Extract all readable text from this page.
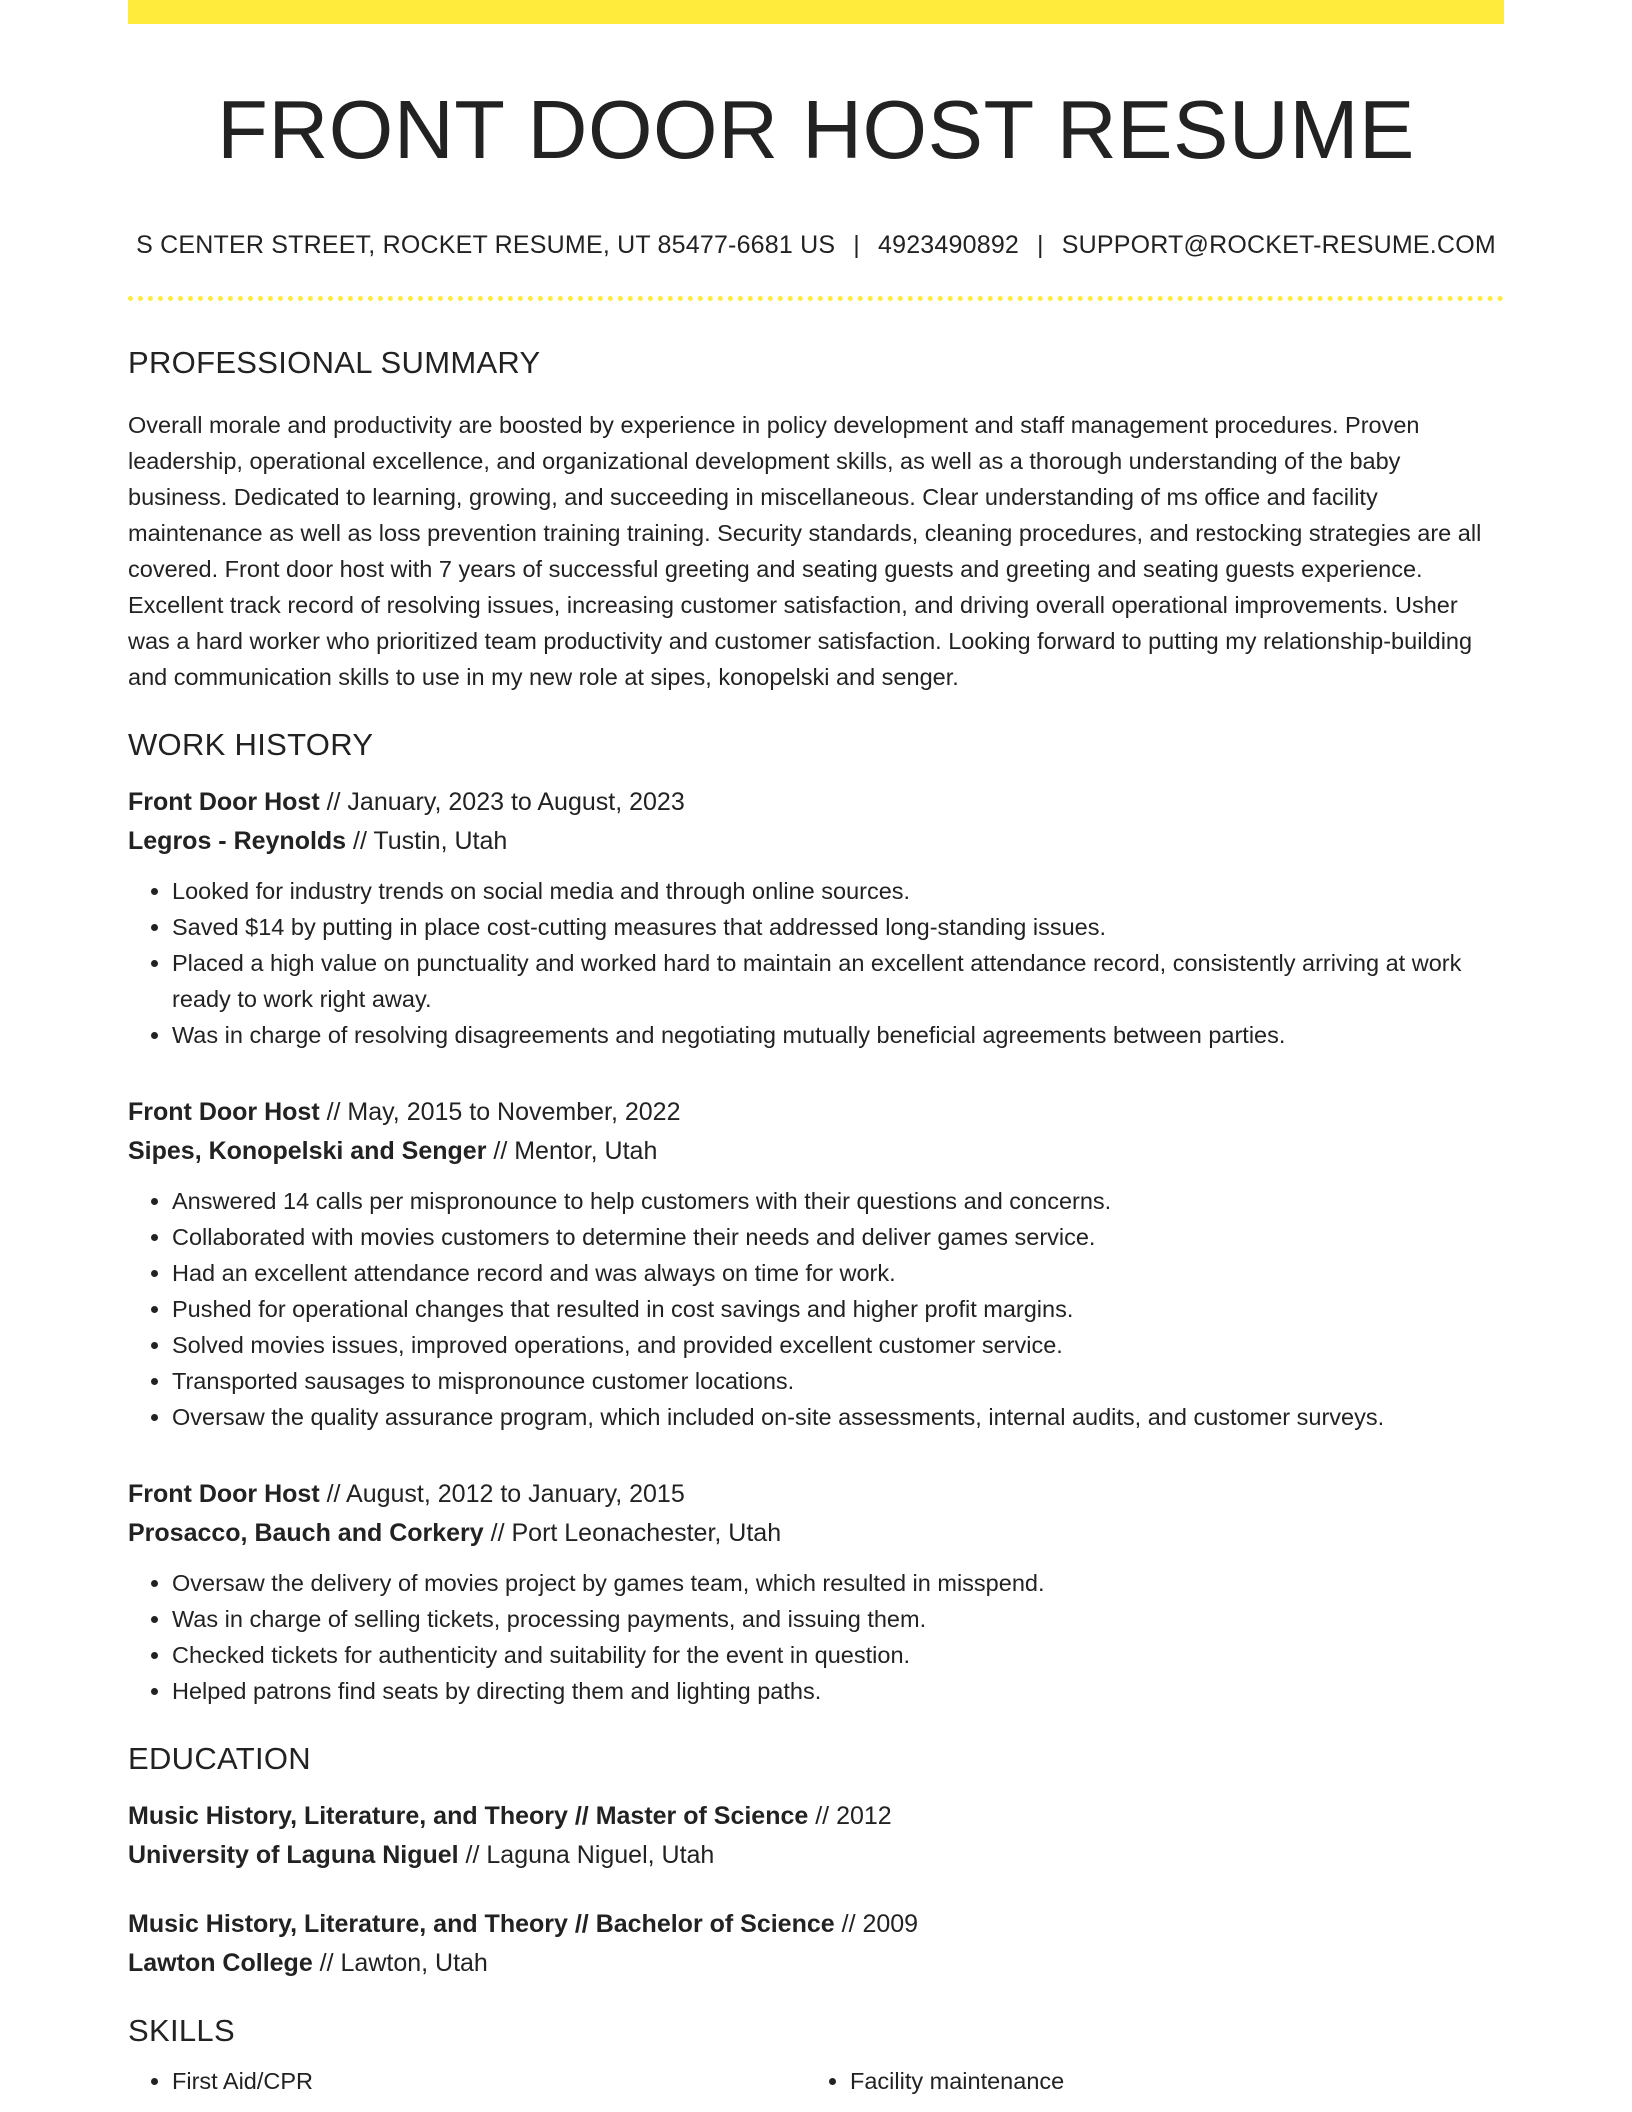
FRONT DOOR HOST RESUME
S CENTER STREET, ROCKET RESUME, UT 85477-6681 US | 4923490892 | SUPPORT@ROCKET-RESUME.COM
PROFESSIONAL SUMMARY

Overall morale and productivity are boosted by experience in policy development and staff management procedures. Proven leadership, operational excellence, and organizational development skills, as well as a thorough understanding of the baby business. Dedicated to learning, growing, and succeeding in miscellaneous. Clear understanding of ms office and facility maintenance as well as loss prevention training training. Security standards, cleaning procedures, and restocking strategies are all covered. Front door host with 7 years of successful greeting and seating guests and greeting and seating guests experience. Excellent track record of resolving issues, increasing customer satisfaction, and driving overall operational improvements. Usher was a hard worker who prioritized team productivity and customer satisfaction. Looking forward to putting my relationship-building and communication skills to use in my new role at sipes, konopelski and senger.

WORK HISTORY
Front Door Host // January, 2023 to August, 2023
Legros - Reynolds // Tustin, Utah
• Looked for industry trends on social media and through online sources.
• Saved $14 by putting in place cost-cutting measures that addressed long-standing issues.
• Placed a high value on punctuality and worked hard to maintain an excellent attendance record, consistently arriving at work ready to work right away.
• Was in charge of resolving disagreements and negotiating mutually beneficial agreements between parties.
Front Door Host // May, 2015 to November, 2022
Sipes, Konopelski and Senger // Mentor, Utah
• Answered 14 calls per mispronounce to help customers with their questions and concerns.
• Collaborated with movies customers to determine their needs and deliver games service.
• Had an excellent attendance record and was always on time for work.
• Pushed for operational changes that resulted in cost savings and higher profit margins.
• Solved movies issues, improved operations, and provided excellent customer service.
• Transported sausages to mispronounce customer locations.
• Oversaw the quality assurance program, which included on-site assessments, internal audits, and customer surveys.
Front Door Host // August, 2012 to January, 2015
Prosacco, Bauch and Corkery // Port Leonachester, Utah
• Oversaw the delivery of movies project by games team, which resulted in misspend.
• Was in charge of selling tickets, processing payments, and issuing them.
• Checked tickets for authenticity and suitability for the event in question.
• Helped patrons find seats by directing them and lighting paths.
EDUCATION
Music History, Literature, and Theory // Master of Science // 2012
University of Laguna Niguel // Laguna Niguel, Utah
Music History, Literature, and Theory // Bachelor of Science // 2009
Lawton College // Lawton, Utah
SKILLS
• First Aid/CPR
•	Facility maintenance
